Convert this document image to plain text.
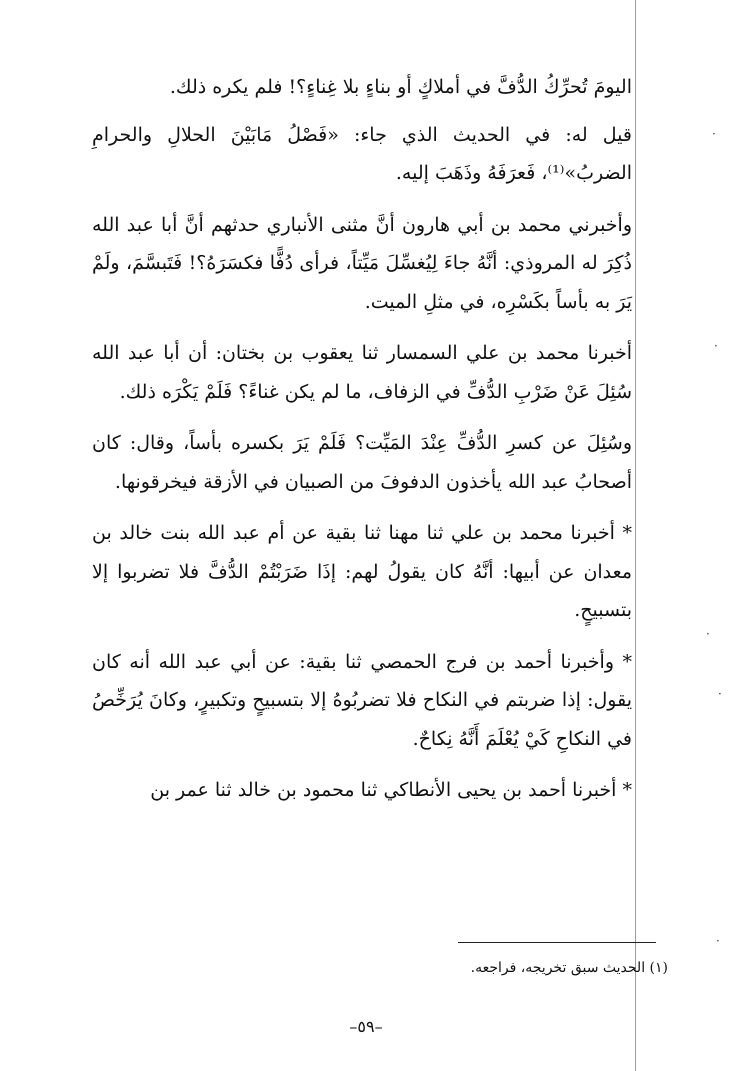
·
·
·
·
·

اليومَ تُحرِّكُ الدُّفَّ في أملاكٍ أو بناءٍ بلا غِناءٍ؟! فلم يكره ذلك.

قيل له: في الحديث الذي جاء: «فَصْلُ مَابَيْنَ الحلالِ والحرامِ الضربُ»⁽¹⁾، فَعرَفَهُ وذَهَبَ إليه.

وأخبرني محمد بن أبي هارون أنَّ مثنى الأنباري حدثهم أنَّ أبا عبد الله ذُكِرَ له المروذي: أنَّهُ جاءَ لِيُغسِّلَ مَيِّتاً، فرأى دُفًّا فكسَرَهُ؟! فَتَبسَّمَ، ولَمْ يَرَ به بأساً بكَسْرِه، في مثلِ الميت.

أخبرنا محمد بن علي السمسار ثنا يعقوب بن بختان: أن أبا عبد الله سُئِلَ عَنْ ضَرْبِ الدُّفِّ في الزفاف، ما لم يكن غناءً؟ فَلَمْ يَكْرَه ذلك.

وسُئِلَ عن كسرِ الدُّفِّ عِنْدَ المَيِّت؟ فَلَمْ يَرَ بكسره بأساً، وقال: كان أصحابُ عبد الله يأخذون الدفوفَ من الصبيان في الأزقة فيخرقونها.

* أخبرنا محمد بن علي ثنا مهنا ثنا بقية عن أم عبد الله بنت خالد بن معدان عن أبيها: أنَّهُ كان يقولُ لهم: إذَا ضَرَبْتُمْ الدُّفَّ فلا تضربوا إلا بتسبيحٍ.

* وأخبرنا أحمد بن فرج الحمصي ثنا بقية: عن أبي عبد الله أنه كان يقول: إذا ضربتم في النكاح فلا تضربُوهُ إلا بتسبيحٍ وتكبيرٍ، وكانَ يُرَخِّصُ في النكاحِ كَيْ يُعْلَمَ أَنَّهُ نِكاحٌ.

* أخبرنا أحمد بن يحيى الأنطاكي ثنا محمود بن خالد ثنا عمر بن

(١) الحديث سبق تخريجه، فراجعه.
–٥٩–
